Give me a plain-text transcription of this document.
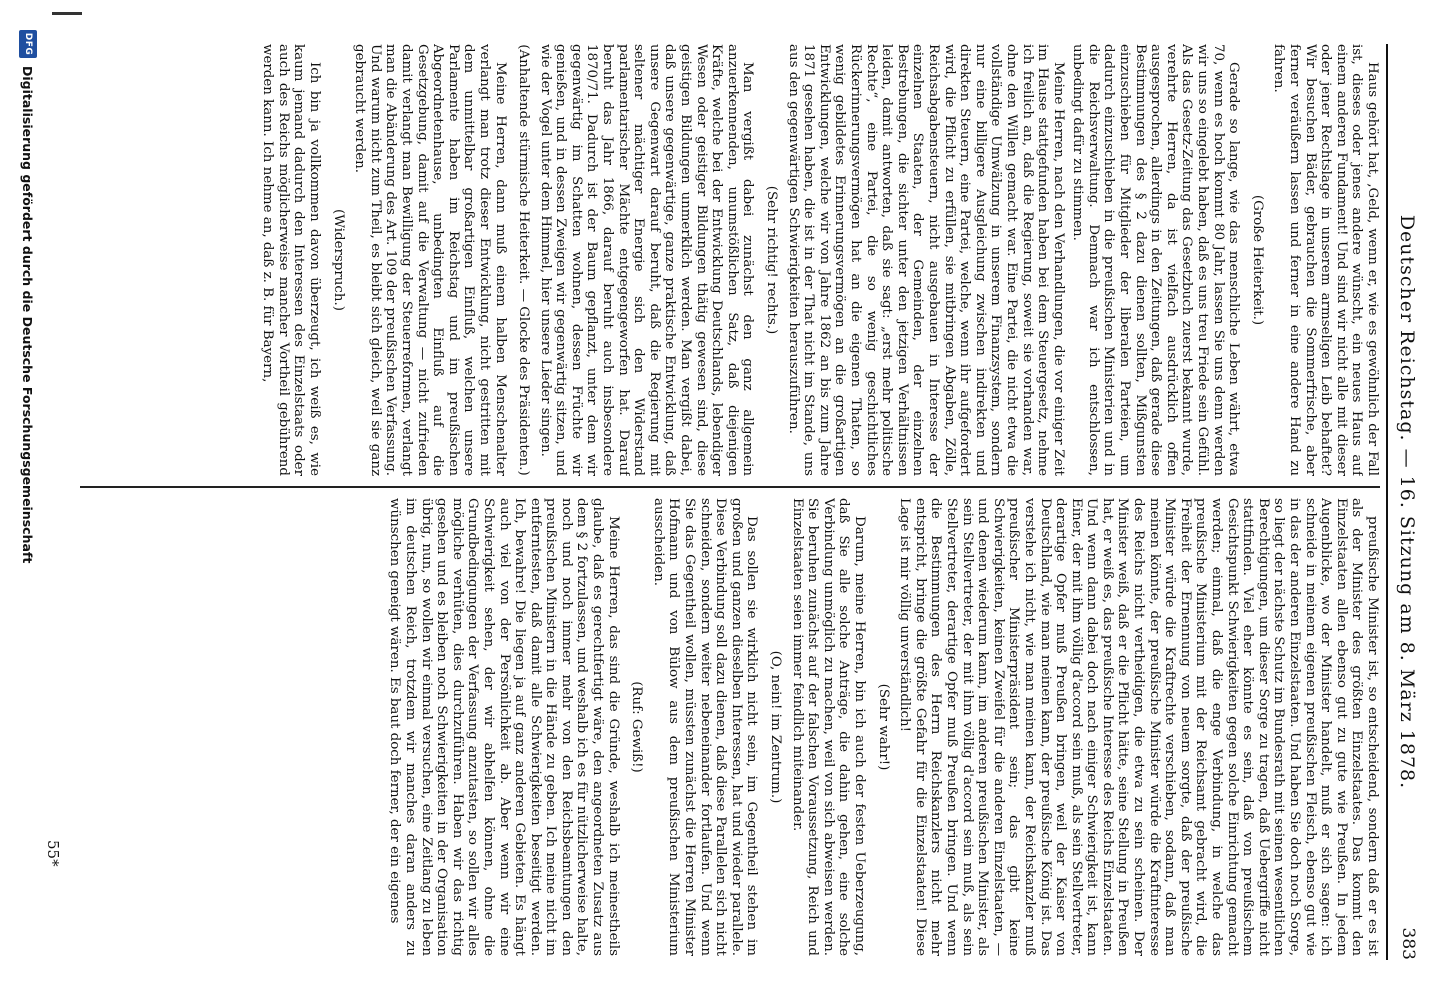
Deutscher Reichstag. — 16. Sitzung am 8. März 1878.
383

Haus gehört hat, ,Geld, wenn er, wie es gewöhnlich der Fall ist, dieses oder jenes andere wünscht, ein neues Haus auf einem anderen Fundament! Und sind wir nicht alle mit dieser oder jener Rechtslage in unserem armseligen Leib behaftet? Wir besuchen Bäder, gebrauchen die Sommerfrische, aber ferner veräußern lassen und ferner in eine andere Hand zu fahren.

(Große Heiterkeit.)

Gerade so lange, wie das menschliche Leben währt, etwa 70, wenn es hoch kommt 80 Jahr, lassen Sie uns denn werden wir uns so eingelebt haben, daß es uns treu Friede sein Gefühl. Als das Gesetz-Zeitung das Gesetzbuch zuerst bekannt wurde, verehrte Herren, da ist vielfach ausdrücklich offen ausgesprochen, allerdings in den Zeitungen, daß gerade diese Bestimmungen des § 2 dazu dienen sollten, Mißgunsten einzuschieben für Mitglieder der liberalen Parteien, um dadurch einzuschieben in die preußischen Ministerien und in die Reichsverwaltung. Demnach war ich entschlossen, unbedingt dafür zu stimmen.

Meine Herren, nach den Verhandlungen, die vor einiger Zeit im Hause stattgefunden haben bei dem Steuergesetz, nehme ich freilich an, daß die Regierung, soweit sie vorhanden war, ohne den Willen gemacht war. Eine Partei, die nicht etwa die vollständige Umwälzung in unserem Finanzsystem, sondern nur eine billigere Ausgleichung zwischen indirekten und direkten Steuern, eine Partei, welche, wenn ihr aufgefordert wird, die Pflicht zu erfüllen, sie mitbringen Abgaben, Zölle, Reichsabgabensteuern, nicht ausgebauen in Interesse der einzelnen Staaten, der Gemeinden, der einzelnen Bestrebungen, die sichter unter den jetzigen Verhältnissen leiden, damit antworten, daß sie sagt: „erst mehr politische Rechte“, eine Partei, die so wenig geschichtliches Rückerinnerungsvermögen hat an die eigenen Thaten, so wenig gebildetes Erinnerungsvermögen an die großartigen Entwicklungen, welche wir von Jahre 1862 an bis zum Jahre 1871 gesehen haben, die ist in der That nicht im Stande, uns aus den gegenwärtigen Schwierigkeiten herauszuführen.

(Sehr richtig! rechts.)

Man vergißt dabei zunächst den ganz allgemein anzuerkennenden, unumstößlichen Satz, daß diejenigen Kräfte, welche bei der Entwicklung Deutschlands, lebendiger Wesen oder geistiger Bildungen thätig gewesen sind, diese geistigen Bildungen unmerklich werden. Man vergißt dabei, daß unsere gegenwärtige, ganze praktische Entwicklung, daß unsere Gegenwart darauf beruht, daß die Regierung mit seltener mächtiger Energie sich den Widerstand parlamentarischer Mächte entgegengeworfen hat. Darauf beruht das Jahr 1866, darauf beruht auch insbesondere 1870/71. Dadurch ist der Baum gepflanzt, unter dem wir gegenwärtig im Schatten wohnen, dessen Früchte wir genießen, und in dessen Zweigen wir gegenwärtig sitzen, und wie der Vogel unter dem Himmel, hier unsere Lieder singen.

(Anhaltende stürmische Heiterkeit. — Glocke des Präsidenten.)

Meine Herren, dann muß einem halben Menschenalter verlangt man trotz dieser Entwicklung, nicht gestritten mit dem unmittelbar großartigen Einfluß, welchen unsere Parlamente haben im Reichstag und im preußischen Abgeordnetenhause, unbedingten Einfluß auf die Gesetzgebung, damit auf die Verwaltung — nicht zufrieden damit verlangt man Bewilligung der Steuerreformen, verlangt man die Abänderung des Art. 109 der preußischen Verfassung. Und warum nicht zum Theil, es bleibt sich gleich, weil sie ganz gebraucht werden.

(Widerspruch.)

Ich bin ja vollkommen davon überzeugt, ich weiß es, wie kaum jemand dadurch den Interessen des Einzelstaats oder auch des Reichs möglicherweise mancher Vortheil gebührend werden kann. Ich nehme an, daß z. B. für Bayern,

preußische Minister ist, so entscheidend, sondern daß er es ist als der Minister des größten Einzelstaates. Das kommt den Einzelstaaten allen ebenso gut zu gute wie Preußen. In jedem Augenblicke, wo der Minister handelt, muß er sich sagen: ich schneide in meinem eigenen preußischen Fleisch, ebenso gut wie in das der anderen Einzelstaaten. Und haben Sie doch noch Sorge, so liegt der nächste Schutz im Bundesrath mit seinen wesentlichen Berechtigungen, um dieser Sorge zu tragen, daß Uebergriffe nicht stattfinden. Viel eher könnte es sein, daß von preußischem Gesichtspunkt Schwierigkeiten gegen solche Einrichtung gemacht werden; einmal, daß die enge Verbindung, in welche das preußische Ministerium mit der Reichsamt gebracht wird, die Freiheit der Ernennung von neuem sorgte, daß der preußische Minister würde die Kraftrechte verschieben, sodann, daß man meinen könnte, der preußische Minister würde die Kraftinteresse des Reichs nicht vertheidigen, die etwa zu sein scheinen. Der Minister weiß, daß er die Pflicht hätte, seine Stellung in Preußen hat, er weiß es, das preußische Interesse des Reichs Einzelstaaten. Und wenn dann dabei doch nach einiger Schwierigkeit ist, kann Einer, der mit ihm völlig d'accord sein muß, als sein Stellvertreter, derartige Opfer muß Preußen bringen, weil der Kaiser von Deutschland, wie man meinen kann, der preußische König ist. Das verstehe ich nicht, wie man meinen kann, der Reichskanzler muß preußischer Ministerpräsident sein; das gibt keine Schwierigkeiten, keinen Zweifel für die anderen Einzelstaaten, — und denen wiederum kann, im anderen preußischen Minister, als sein Stellvertreter, der mit ihm völlig d'accord sein muß, als sein Stellvertreter, derartige Opfer muß Preußen bringen. Und wenn die Bestimmungen des Herrn Reichskanzlers nicht mehr entspricht, bringe die größte Gefahr für die Einzelstaaten! Diese Lage ist mir völlig unverständlich!

(Sehr wahr!)

Darum, meine Herren, bin ich auch der festen Ueberzeugung, daß Sie alle solche Anträge, die dahin gehen, eine solche Verbindung unmöglich zu machen, weil von sich abweisen werden. Sie beruhen zunächst auf der falschen Voraussetzung, Reich und Einzelstaaten seien immer feindlich miteinander.

(O, nein! im Zentrum.)

Das sollen sie wirklich nicht sein, im Gegentheil stehen im großen und ganzen dieselben Interessen, hat und wieder parallele. Diese Verbindung soll dazu dienen, daß diese Parallelen sich nicht schneiden, sondern weiter nebeneinander fortlaufen. Und wenn Sie das Gegentheil wollen, müssten zunächst die Herren Minister Hofmann und von Bülow aus dem preußischen Ministerium ausscheiden.

(Ruf: Gewiß!)

Meine Herren, das sind die Gründe, weshalb ich meinestheils glaube, daß es gerechtfertigt wäre, den angeordneten Zusatz aus dem § 2 fortzulassen, und weshalb ich es für nützlicherweise halte, noch und noch immer mehr von den Reichsbeamtungen den preußischen Ministern in die Hände zu geben. Ich meine nicht im entferntesten, daß damit alle Schwierigkeiten beseitigt werden. Ich, bewahre! Die liegen ja auf ganz anderen Gebieten. Es hängt auch viel von der Persönlichkeit ab. Aber wenn wir eine Schwierigkeit sehen, der wir abhelfen können, ohne die Grundbedingungen der Verfassung anzutasten, so sollen wir alles mögliche verhüten, dies durchzuführen. Haben wir das richtig gesehen und es bleiben noch Schwierigkeiten in der Organisation übrig, nun, so wollen wir einmal versuchen, eine Zeitlang zu leben im deutschen Reich, trotzdem wir manches daran anders zu wünschen geneigt wären. Es baut doch ferner, der ein eigenes

55*
DFG
Digitalisierung gefördert durch die Deutsche Forschungsgemeinschaft
